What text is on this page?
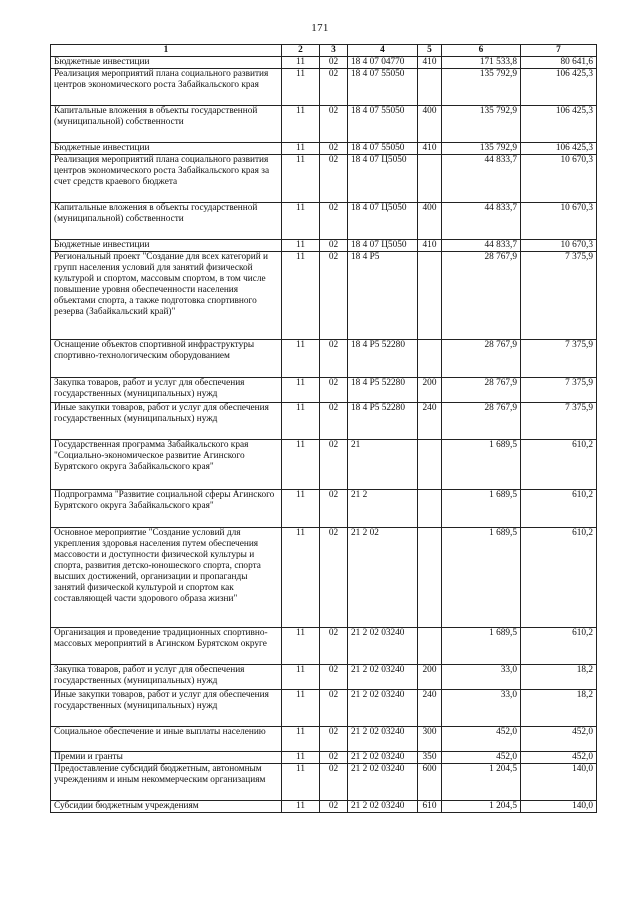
171
1	2	3	4	5	6	7
Бюджетные инвестиции	11	02	18 4 07 04770	410	171 533,8	80 641,6
Реализация мероприятий плана социального развития центров экономического роста Забайкальского края	11	02	18 4 07 55050		135 792,9	106 425,3
Капитальные вложения в объекты государственной (муниципальной) собственности	11	02	18 4 07 55050	400	135 792,9	106 425,3
Бюджетные инвестиции	11	02	18 4 07 55050	410	135 792,9	106 425,3
Реализация мероприятий плана социального развития центров экономического роста Забайкальского края за счет средств краевого бюджета	11	02	18 4 07 Ц5050		44 833,7	10 670,3
Капитальные вложения в объекты государственной (муниципальной) собственности	11	02	18 4 07 Ц5050	400	44 833,7	10 670,3
Бюджетные инвестиции	11	02	18 4 07 Ц5050	410	44 833,7	10 670,3
Региональный проект "Создание для всех категорий и групп населения условий для занятий физической культурой и спортом, массовым спортом, в том числе повышение уровня обеспеченности населения объектами спорта, а также подготовка спортивного резерва (Забайкальский край)"	11	02	18 4 P5		28 767,9	7 375,9
Оснащение объектов спортивной инфраструктуры спортивно-технологическим оборудованием	11	02	18 4 P5 52280		28 767,9	7 375,9
Закупка товаров, работ и услуг для обеспечения государственных (муниципальных) нужд	11	02	18 4 P5 52280	200	28 767,9	7 375,9
Иные закупки товаров, работ и услуг для обеспечения государственных (муниципальных) нужд	11	02	18 4 P5 52280	240	28 767,9	7 375,9
Государственная программа Забайкальского края "Социально-экономическое развитие Агинского Бурятского округа Забайкальского края"	11	02	21		1 689,5	610,2
Подпрограмма "Развитие социальной сферы Агинского Бурятского округа Забайкальского края"	11	02	21 2		1 689,5	610,2
Основное мероприятие "Создание условий для укрепления здоровья населения путем обеспечения массовости и доступности физической культуры и спорта, развития детско-юношеского спорта, спорта высших достижений, организации и пропаганды занятий физической культурой и спортом как составляющей части здорового образа жизни"	11	02	21 2 02		1 689,5	610,2
Организация и проведение традиционных спортивно-массовых мероприятий в Агинском Бурятском округе	11	02	21 2 02 03240		1 689,5	610,2
Закупка товаров, работ и услуг для обеспечения государственных (муниципальных) нужд	11	02	21 2 02 03240	200	33,0	18,2
Иные закупки товаров, работ и услуг для обеспечения государственных (муниципальных) нужд	11	02	21 2 02 03240	240	33,0	18,2
Социальное обеспечение и иные выплаты населению	11	02	21 2 02 03240	300	452,0	452,0
Премии и гранты	11	02	21 2 02 03240	350	452,0	452,0
Предоставление субсидий бюджетным, автономным учреждениям и иным некоммерческим организациям	11	02	21 2 02 03240	600	1 204,5	140,0
Субсидии бюджетным учреждениям	11	02	21 2 02 03240	610	1 204,5	140,0
